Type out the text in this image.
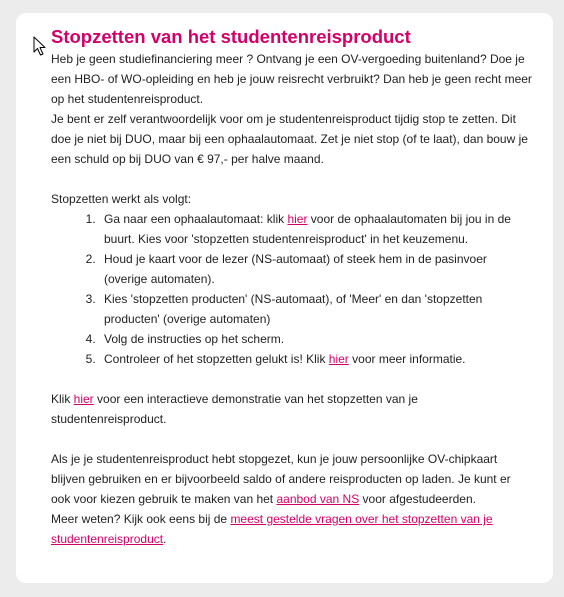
Stopzetten van het studentenreisproduct

Heb je geen studiefinanciering meer ? Ontvang je een OV-vergoeding buitenland? Doe je een HBO- of WO-opleiding en heb je jouw reisrecht verbruikt? Dan heb je geen recht meer op het studentenreisproduct.

Je bent er zelf verantwoordelijk voor om je studentenreisproduct tijdig stop te zetten. Dit doe je niet bij DUO, maar bij een ophaalautomaat. Zet je niet stop (of te laat), dan bouw je een schuld op bij DUO van € 97,- per halve maand.

Stopzetten werkt als volgt:

1. Ga naar een ophaalautomaat: klik hier voor de ophaalautomaten bij jou in de buurt. Kies voor 'stopzetten studentenreisproduct' in het keuzemenu.
2. Houd je kaart voor de lezer (NS-automaat) of steek hem in de pasinvoer (overige automaten).
3. Kies 'stopzetten producten' (NS-automaat), of 'Meer' en dan 'stopzetten producten' (overige automaten)
4. Volg de instructies op het scherm.
5. Controleer of het stopzetten gelukt is! Klik hier voor meer informatie.

Klik hier voor een interactieve demonstratie van het stopzetten van je studentenreisproduct.

Als je je studentenreisproduct hebt stopgezet, kun je jouw persoonlijke OV-chipkaart blijven gebruiken en er bijvoorbeeld saldo of andere reisproducten op laden. Je kunt er ook voor kiezen gebruik te maken van het aanbod van NS voor afgestudeerden.

Meer weten? Kijk ook eens bij de meest gestelde vragen over het stopzetten van je studentenreisproduct.
